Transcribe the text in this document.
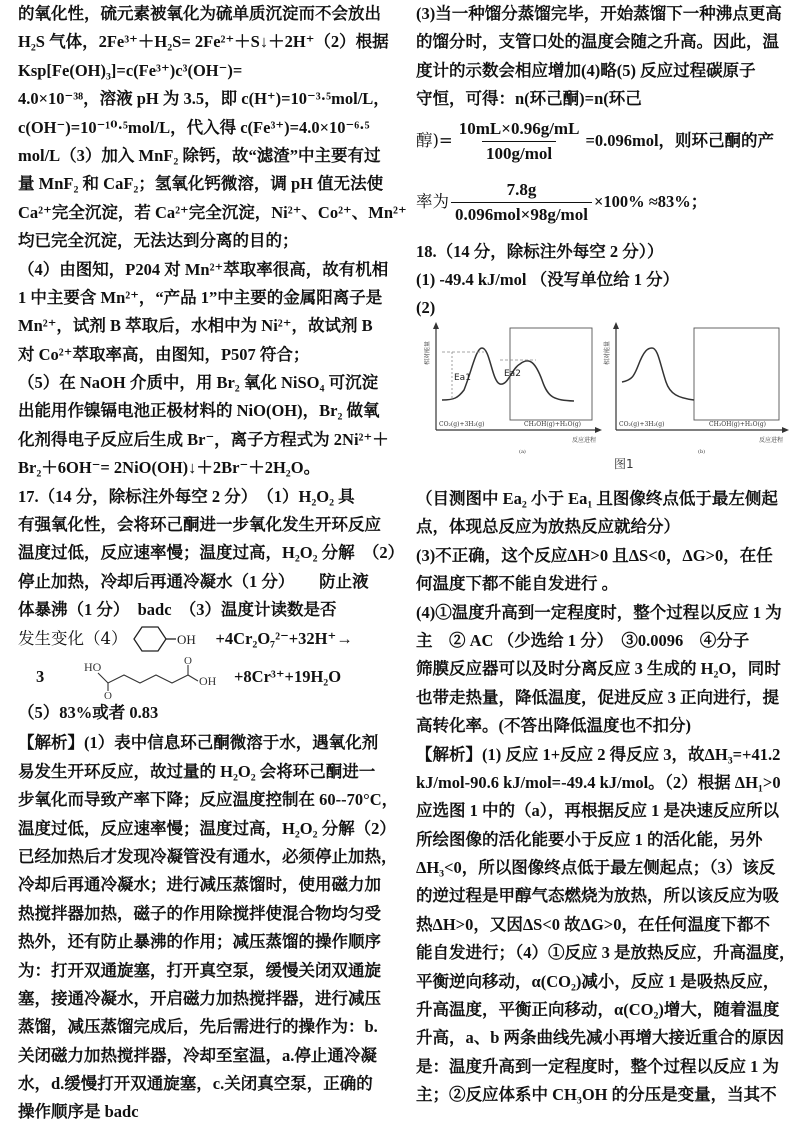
的氧化性，硫元素被氧化为硫单质沉淀而不会放出
H₂S 气体，2Fe³⁺＋H₂S= 2Fe²⁺＋S↓＋2H⁺（2）根据
Ksp[Fe(OH)₃]=c(Fe³⁺)c³(OH⁻)=
4.0×10⁻³⁸，溶液 pH 为 3.5，即 c(H⁺)=10⁻³·⁵mol/L，
c(OH⁻)=10⁻¹⁰·⁵mol/L，代入得 c(Fe³⁺)=4.0×10⁻⁶·⁵
mol/L（3）加入 MnF₂ 除钙，故“滤渣”中主要有过
量 MnF₂ 和 CaF₂；氢氧化钙微溶，调 pH 值无法使
Ca²⁺完全沉淀，若 Ca²⁺完全沉淀，Ni²⁺、Co²⁺、Mn²⁺
均已完全沉淀，无法达到分离的目的；
（4）由图知，P204 对 Mn²⁺萃取率很高，故有机相
1 中主要含 Mn²⁺，“产品 1”中主要的金属阳离子是
Mn²⁺，试剂 B 萃取后，水相中为 Ni²⁺，故试剂 B
对 Co²⁺萃取率高，由图知，P507 符合；
（5）在 NaOH 介质中，用 Br₂ 氧化 NiSO₄ 可沉淀
出能用作镍镉电池正极材料的 NiO(OH)，Br₂ 做氧
化剂得电子反应后生成 Br⁻，离子方程式为 2Ni²⁺＋
Br₂＋6OH⁻= 2NiO(OH)↓＋2Br⁻＋2H₂O。
17.（14 分，除标注外每空 2 分）　（1）H₂O₂ 具
有强氧化性，会将环己酮进一步氧化发生开环反应
温度过低，反应速率慢；温度过高，H₂O₂ 分解　（2）
停止加热，冷却后再通冷凝水（1 分）　　防止液
体暴沸（1 分）　badc　（3）温度计读数是否
发生变化（4）	OH +4Cr₂O₇²⁻+32H⁺→
3	HO
O
O
OH +8Cr³⁺+19H₂O
（5）83%或者 0.83
【解析】(1）表中信息环己酮微溶于水，遇氧化剂
易发生开环反应，故过量的 H₂O₂ 会将环己酮进一
步氧化而导致产率下降；反应温度控制在 60--70°C，
温度过低，反应速率慢；温度过高，H₂O₂ 分解（2）
已经加热后才发现冷凝管没有通水，必须停止加热，
冷却后再通冷凝水；进行减压蒸馏时，使用磁力加
热搅拌器加热，磁子的作用除搅拌使混合物均匀受
热外，还有防止暴沸的作用；减压蒸馏的操作顺序
为：打开双通旋塞，打开真空泵，缓慢关闭双通旋
塞，接通冷凝水，开启磁力加热搅拌器，进行减压
蒸馏，减压蒸馏完成后，先后需进行的操作为：b.
关闭磁力加热搅拌器，冷却至室温，a.停止通冷凝
水，d.缓慢打开双通旋塞，c.关闭真空泵，正确的
操作顺序是 badc
(3)当一种馏分蒸馏完毕，开始蒸馏下一种沸点更高
的馏分时，支管口处的温度会随之升高。因此，温
度计的示数会相应增加(4)略(5) 反应过程碳原子
守恒，可得：n(环己酮)=n(环己
醇)= $\frac{10mL\times 0.96g/mL}{\text{100g/mol}} =0.096mol$，则环己酮的产
率为 $\frac{7.8g}{\text{0.096mol×98g/mol}} \times 100\% \approx 83\%$；
18.（14 分，除标注外每空 2 分））
(1) -49.4 kJ/mol （没写单位给 1 分）
(2)
相对能量
Ea1	Ea2
CO₂(g)+3H₂(g)	CH₃OH(g)+H₂O(g)
反应进程
(a)
相对能量
CO₂(g)+3H₂(g)	CH₃OH(g)+H₂O(g)
反应进程
(b)
图1
（目测图中 Ea₂ 小于 Ea₁ 且图像终点低于最左侧起
点，体现总反应为放热反应就给分）
(3)不正确，这个反应ΔH>0 且ΔS<0，ΔG>0，在任
何温度下都不能自发进行 。
(4)①温度升高到一定程度时，整个过程以反应 1 为
主　② AC （少选给 1 分）　③0.0096　④分子
筛膜反应器可以及时分离反应 3 生成的 H₂O，同时
也带走热量，降低温度，促进反应 3 正向进行，提
高转化率。(不答出降低温度也不扣分)
【解析】(1) 反应 1+反应 2 得反应 3，故ΔH₃=+41.2
kJ/mol-90.6 kJ/mol=-49.4 kJ/mol。（2）根据 ΔH₁>0
应选图 1 中的（a），再根据反应 1 是决速反应所以
所绘图像的活化能要小于反应 1 的活化能，另外
ΔH₃<0，所以图像终点低于最左侧起点；（3）该反
的逆过程是甲醇气态燃烧为放热，所以该反应为吸
热ΔH>0，又因ΔS<0 故ΔG>0，在任何温度下都不
能自发进行；（4）①反应 3 是放热反应，升高温度，
平衡逆向移动，α(CO₂)减小，反应 1 是吸热反应，
升高温度，平衡正向移动，α(CO₂)增大，随着温度
升高，a、b 两条曲线先减小再增大接近重合的原因
是：温度升高到一定程度时，整个过程以反应 1 为
主；②反应体系中 CH₃OH 的分压是变量，当其不
